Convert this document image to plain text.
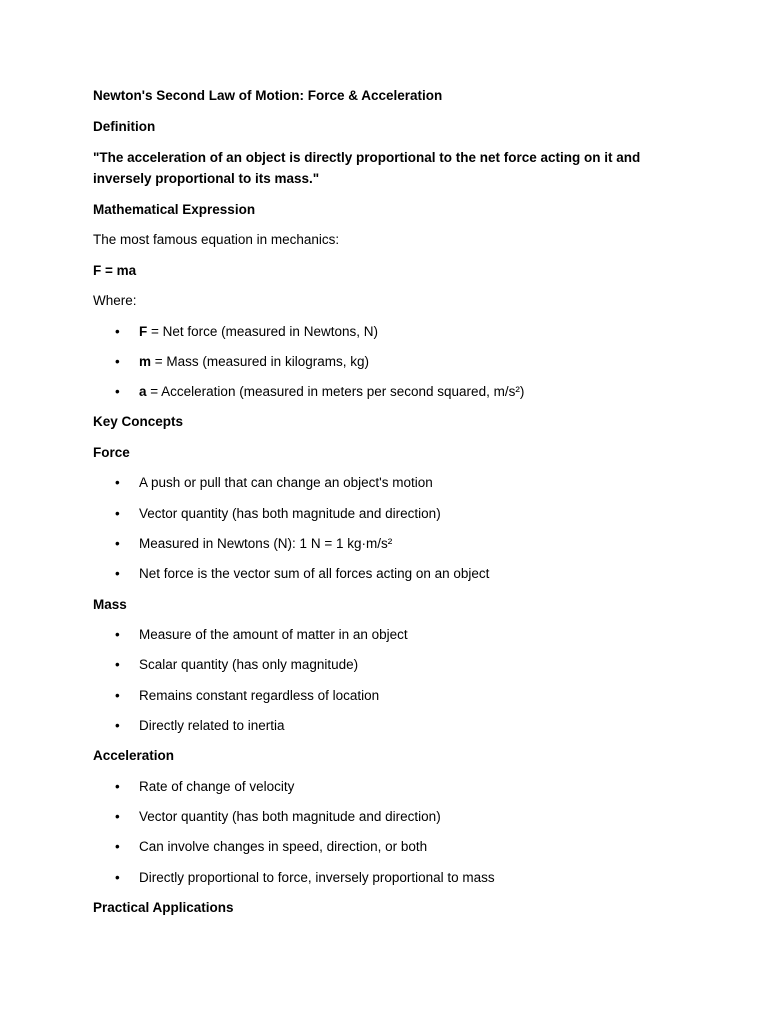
Newton's Second Law of Motion: Force & Acceleration

Definition

"The acceleration of an object is directly proportional to the net force acting on it and inversely proportional to its mass."

Mathematical Expression

The most famous equation in mechanics:

F = ma

Where:

• F = Net force (measured in Newtons, N)
• m = Mass (measured in kilograms, kg)
• a = Acceleration (measured in meters per second squared, m/s²)

Key Concepts

Force

• A push or pull that can change an object's motion
• Vector quantity (has both magnitude and direction)
• Measured in Newtons (N): 1 N = 1 kg·m/s²
• Net force is the vector sum of all forces acting on an object

Mass

• Measure of the amount of matter in an object
• Scalar quantity (has only magnitude)
• Remains constant regardless of location
• Directly related to inertia

Acceleration

• Rate of change of velocity
• Vector quantity (has both magnitude and direction)
• Can involve changes in speed, direction, or both
• Directly proportional to force, inversely proportional to mass

Practical Applications
